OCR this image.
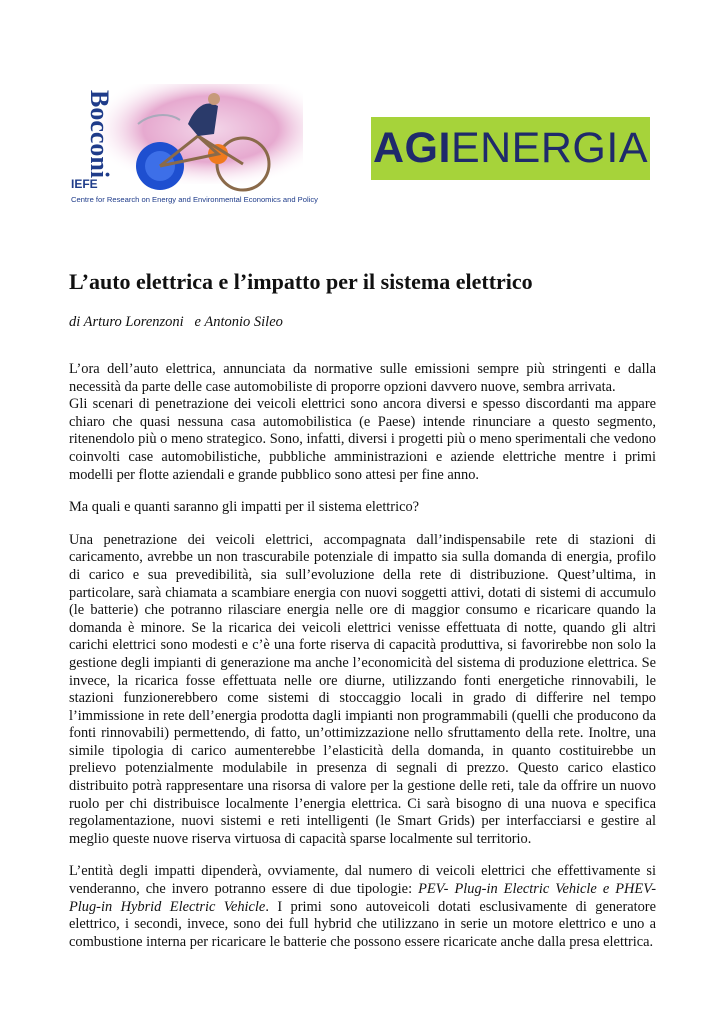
Bocconi
IEFE
Centre for Research on Energy and Environmental Economics and Policy
AGIENERGIA
L’auto elettrica e l’impatto per il sistema elettrico
di Arturo Lorenzoni   e Antonio Sileo

L’ora dell’auto elettrica, annunciata da normative sulle emissioni sempre più stringenti e dalla necessità da parte delle case automobiliste di proporre opzioni davvero nuove, sembra arrivata.

Gli scenari di penetrazione dei veicoli elettrici sono ancora diversi e spesso discordanti ma appare chiaro che quasi nessuna casa automobilistica (e Paese) intende rinunciare a questo segmento, ritenendolo più o meno strategico. Sono, infatti, diversi i progetti più o meno sperimentali che vedono coinvolti case automobilistiche, pubbliche amministrazioni e aziende elettriche mentre i primi modelli per flotte aziendali e grande pubblico sono attesi per fine anno.

Ma quali e quanti saranno gli impatti per il sistema elettrico?

Una penetrazione dei veicoli elettrici, accompagnata dall’indispensabile rete di stazioni di caricamento, avrebbe un non trascurabile potenziale di impatto sia sulla domanda di energia, profilo di carico e sua prevedibilità, sia sull’evoluzione della rete di distribuzione. Quest’ultima, in particolare, sarà chiamata a scambiare energia con nuovi soggetti attivi, dotati di sistemi di accumulo (le batterie) che potranno rilasciare energia nelle ore di maggior consumo e ricaricare quando la domanda è minore. Se la ricarica dei veicoli elettrici venisse effettuata di notte, quando gli altri carichi elettrici sono modesti e c’è una forte riserva di capacità produttiva, si favorirebbe non solo la gestione degli impianti di generazione ma anche l’economicità del sistema di produzione elettrica. Se invece, la ricarica fosse effettuata nelle ore diurne, utilizzando fonti energetiche rinnovabili, le stazioni funzionerebbero come sistemi di stoccaggio locali in grado di differire nel tempo l’immissione in rete dell’energia prodotta dagli impianti non programmabili (quelli che producono da fonti rinnovabili) permettendo, di fatto, un’ottimizzazione nello sfruttamento della rete. Inoltre, una simile tipologia di carico aumenterebbe l’elasticità della domanda, in quanto costituirebbe un prelievo potenzialmente modulabile in presenza di segnali di prezzo. Questo carico elastico distribuito potrà rappresentare una risorsa di valore per la gestione delle reti, tale da offrire un nuovo ruolo per chi distribuisce localmente l’energia elettrica. Ci sarà bisogno di una nuova e specifica regolamentazione, nuovi sistemi e reti intelligenti (le Smart Grids) per interfacciarsi e gestire al meglio queste nuove riserva virtuosa di capacità sparse localmente sul territorio.

L’entità degli impatti dipenderà, ovviamente, dal numero di veicoli elettrici che effettivamente si venderanno, che invero potranno essere di due tipologie: PEV- Plug-in Electric Vehicle e PHEV-Plug-in Hybrid Electric Vehicle. I primi sono autoveicoli dotati esclusivamente di generatore elettrico, i secondi, invece, sono dei full hybrid che utilizzano in serie un motore elettrico e uno a combustione interna per ricaricare le batterie che possono essere ricaricate anche dalla presa elettrica.
